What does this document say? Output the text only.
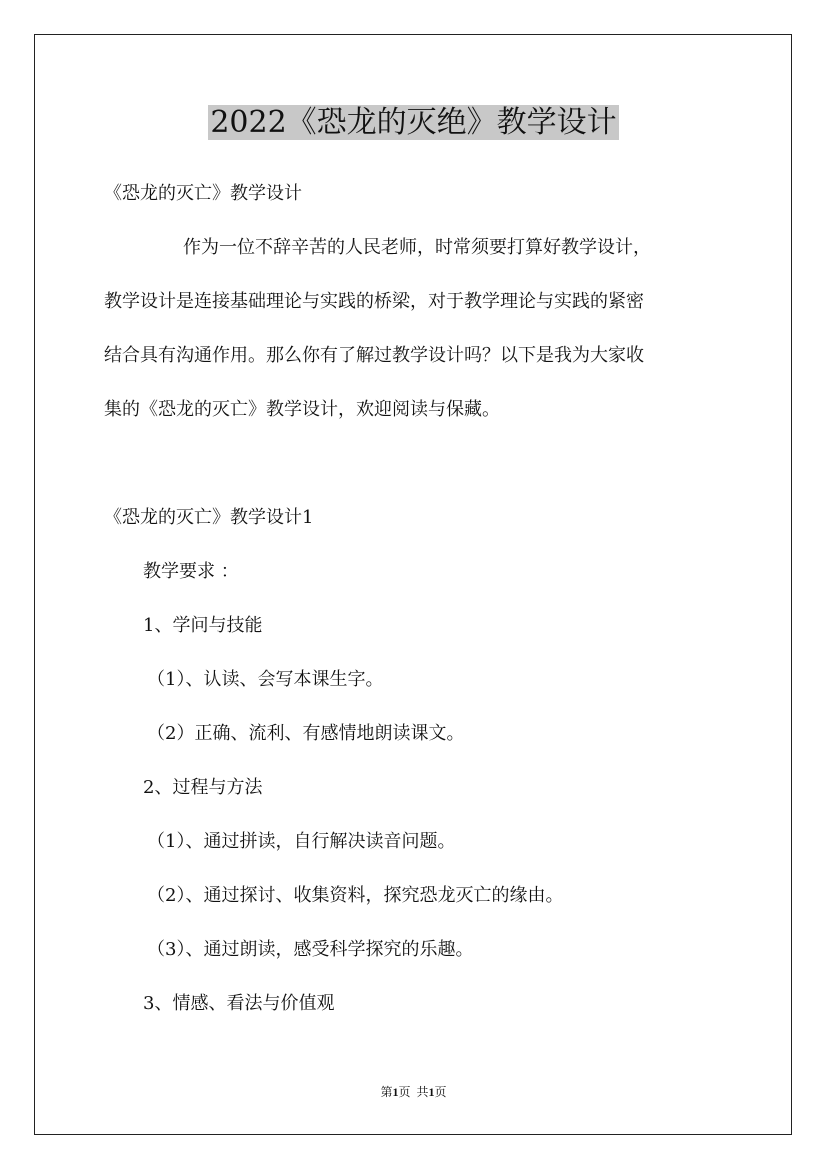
2022《恐龙的灭绝》教学设计

《恐龙的灭亡》教学设计

作为一位不辞辛苦的人民老师，时常须要打算好教学设计，

教学设计是连接基础理论与实践的桥梁，对于教学理论与实践的紧密

结合具有沟通作用。那么你有了解过教学设计吗？以下是我为大家收

集的《恐龙的灭亡》教学设计，欢迎阅读与保藏。

《恐龙的灭亡》教学设计1

教学要求 ：

1、学问与技能

（1）、认读、会写本课生字。

（2）正确、流利、有感情地朗读课文。

2、过程与方法

（1）、通过拼读，自行解决读音问题。

（2）、通过探讨、收集资料，探究恐龙灭亡的缘由。

（3）、通过朗读，感受科学探究的乐趣。

3、情感、看法与价值观

第1页 共1页
